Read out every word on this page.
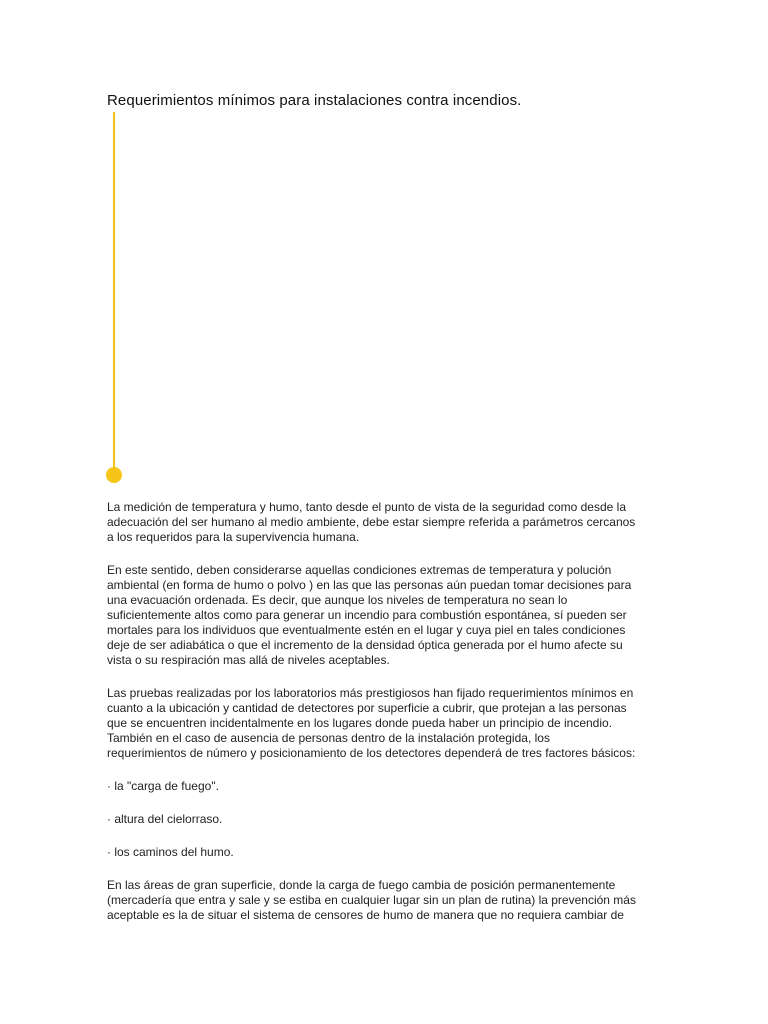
Requerimientos mínimos para instalaciones contra incendios.

La medición de temperatura y humo, tanto desde el punto de vista de la seguridad como desde la
adecuación del ser humano al medio ambiente, debe estar siempre referida a parámetros cercanos
a los requeridos para la supervivencia humana.

En este sentido, deben considerarse aquellas condiciones extremas de temperatura y polución
ambiental (en forma de humo o polvo ) en las que las personas aún puedan tomar decisiones para
una evacuación ordenada. Es decir, que aunque los niveles de temperatura no sean lo
suficientemente altos como para generar un incendio para combustión espontánea, sí pueden ser
mortales para los individuos que eventualmente estén en el lugar y cuya piel en tales condiciones
deje de ser adiabática o que el incremento de la densidad óptica generada por el humo afecte su
vista o su respiración mas allá de niveles aceptables.

Las pruebas realizadas por los laboratorios más prestigiosos han fijado requerimientos mínimos en
cuanto a la ubicación y cantidad de detectores por superficie a cubrir, que protejan a las personas
que se encuentren incidentalmente en los lugares donde pueda haber un principio de incendio.
También en el caso de ausencia de personas dentro de la instalación protegida, los
requerimientos de número y posicionamiento de los detectores dependerá de tres factores básicos:

· la "carga de fuego".

· altura del cielorraso.

· los caminos del humo.

En las áreas de gran superficie, donde la carga de fuego cambia de posición permanentemente
(mercadería que entra y sale y se estiba en cualquier lugar sin un plan de rutina) la prevención más
aceptable es la de situar el sistema de censores de humo de manera que no requiera cambiar de
